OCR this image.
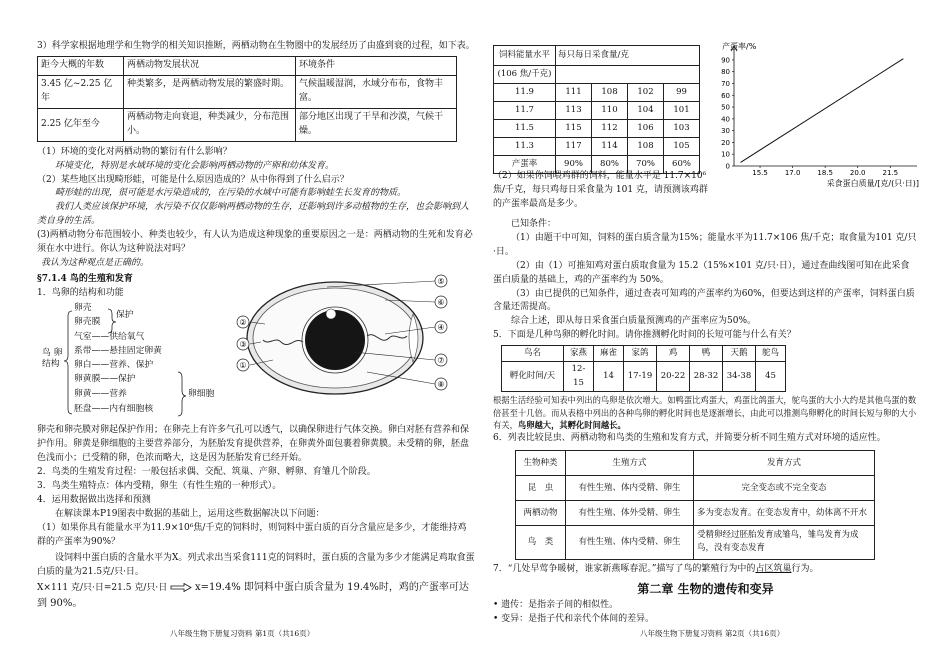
3）科学家根据地理学和生物学的相关知识推断，两栖动物在生物圈中的发展经历了由盛到衰的过程，如下表。

距今大概的年数	两栖动物发展状况	环境条件
3.45 亿~2.25 亿年	种类繁多，是两栖动物发展的繁盛时期。	气候温暖湿润，水域分布布，食物丰富。
2.25 亿年至今	两栖动物走向衰退，种类减少，分布范围小。	部分地区出现了干旱和沙漠，气候干燥。

（1）环境的变化对两栖动物的繁衍有什么影响？

环境变化，特别是水域环境的变化会影响两栖动物的产卵和幼体发育。

（2）某些地区出现畸形蛙，可能是什么原因造成的？从中你得到了什么启示？

畸形蛙的出现，很可能是水污染造成的，在污染的水域中可能有影响蛙生长发育的物质。

我们人类应该保护环境，水污染不仅仅影响两栖动物的生存，还影响到许多动植物的生存，也会影响到人类自身的生活。

(3)两栖动物分布范围较小、种类也较少，有人认为造成这种现象的重要原因之一是：两栖动物的生死和发育必须在水中进行。你认为这种说法对吗？

我认为这种观点是正确的。

§7.1.4 鸟的生殖和发育

1．鸟卵的结构和功能

鸟 卵
结构
卵壳
卵壳膜
保护
气室——供给氧气
系带——悬挂固定卵黄
卵白——营养、保护
卵黄膜——保护
卵黄——营养
胚盘——内有细胞核
卵细胞
⑤
⑥
④
⑦
⑧
②
③
①

卵壳和卵壳膜对卵起保护作用；在卵壳上有许多气孔可以透气，以确保卵进行气体交换。卵白对胚有营养和保护作用。卵黄是卵细胞的主要营养部分，为胚胎发育提供营养，在卵黄外面包裹着卵黄膜。未受精的卵，胚盘色浅而小；已受精的卵，色浓而略大，这是因为胚胎发育已经开始。

2．鸟类的生殖发育过程：一般包括求偶、交配、筑巢、产卵、孵卵、育雏几个阶段。

3．鸟类生殖特点：体内受精，卵生（有性生殖的一种形式）。

4．运用数据做出选择和预测

在解读课本P19图表中数据的基础上，运用这些数据解决以下问题：

（1）如果你具有能量水平为11.9×10⁶焦/千克的饲料时，则饲料中蛋白质的百分含量应是多少，才能维持鸡群的产蛋率为90%？

设饲料中蛋白质的含量水平为X。列式求出当采食111克的饲料时，蛋白质的含量为多少才能满足鸡取食蛋白质的量为21.5克/只·日。

X×111 克/只·日=21.5 克/只·日	x=19.4% 即饲料中蛋白质含量为 19.4%时，鸡的产蛋率可达到 90%。

八年级生物下册复习资料 第1页（共16页）
饲料能量水平	每只每日采食量/克			
(106 焦/千克)				
11.9	111	108	102	99
11.7	113	110	104	101
11.5	115	112	106	103
11.3	117	114	108	105
产蛋率	90%	80%	70%	60%	0
10
20
30
40
50
60
70
80
90
15.5 17.0 18.5 20.0 21.5
产蛋率/%
采食蛋白质量/[克/(只·日)]

（2）如果你饲喂鸡群的饲料，能量水平是 11.7×10⁶焦/千克，每只鸡每日采食量为 101 克，请预测该鸡群的产蛋率最高是多少。

已知条件：

（1）由题干中可知，饲料的蛋白质含量为15%；能量水平为11.7×106 焦/千克；取食量为101 克/只·日。

（2）由（1）可推知鸡对蛋白质取食量为 15.2（15%×101 克/只·日），通过查曲线图可知在此采食蛋白质量的基础上，鸡的产蛋率约为 50%。

（3）由已提供的已知条件，通过查表可知鸡的产蛋率约为60%，但要达到这样的产蛋率，饲料蛋白质含量还需提高。

综合上述，即从每日采食蛋白质量预测鸡的产蛋率应为50%。

5．下面是几种鸟卵的孵化时间。请你推测孵化时间的长短可能与什么有关？

鸟名	家燕	麻雀	家鸽	鸡	鸭	天鹅	鸵鸟
孵化时间/天	12-15	14	17-19	20-22	28-32	34-38	45

根据生活经验可知表中列出的鸟卵是依次增大。如鸭蛋比鸡蛋大，鸡蛋比鸽蛋大，鸵鸟蛋的大小大约是其他鸟蛋的数倍甚至十几倍。而从表格中列出的各种鸟卵的孵化时间也是逐渐增长，由此可以推测鸟卵孵化的时间长短与卵的大小有关，鸟卵越大，其孵化时间越长。

6．列表比较昆虫、两栖动物和鸟类的生殖和发育方式，并简要分析不同生殖方式对环境的适应性。

生物种类	生殖方式	发育方式
昆　虫	有性生殖、体内受精、卵生	完全变态或不完全变态
两栖动物	有性生殖、体外受精、卵生	多为变态发育。在变态发育中，幼体离不开水
鸟　类	有性生殖、体内受精、卵生	受精卵经过胚胎发育成雏鸟，雏鸟发育为成鸟，没有变态发育

7．“几处早莺争暖树，谁家新燕啄春泥。”描写了鸟的繁殖行为中的占区筑巢行为。

第二章 生物的遗传和变异

• 遗传：是指亲子间的相似性。

• 变异：是指子代和亲代个体间的差异。

八年级生物下册复习资料 第2页（共16页）
